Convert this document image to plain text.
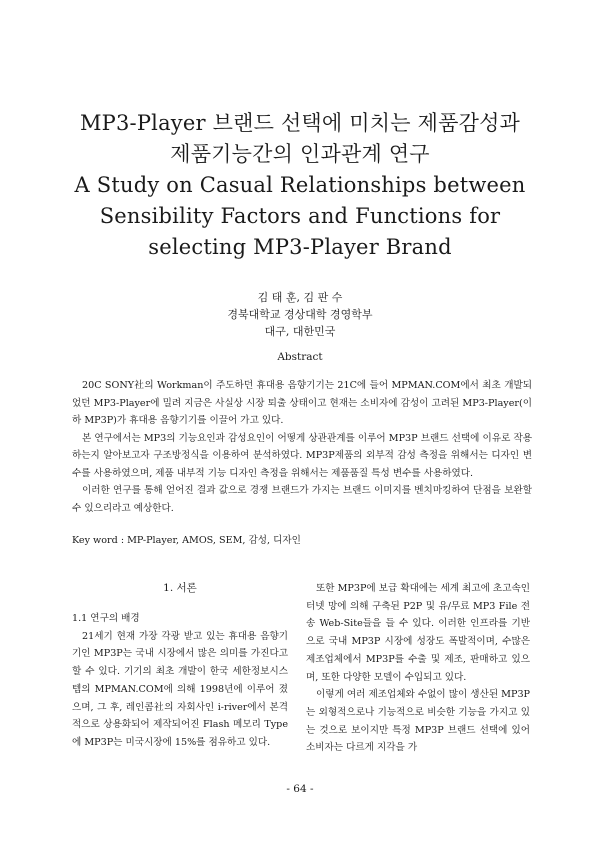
MP3-Player 브랜드 선택에 미치는 제품감성과
제품기능간의 인과관계 연구
A Study on Casual Relationships between
Sensibility Factors and Functions for
selecting MP3-Player Brand
김 태 훈, 김 판 수
경북대학교 경상대학 경영학부
대구, 대한민국
Abstract

20C SONY社의 Workman이 주도하던 휴대용 음향기기는 21C에 들어 MPMAN.COM에서 최초 개발되었던 MP3-Player에 밀려 지금은 사실상 시장 퇴출 상태이고 현재는 소비자에 감성이 고려된 MP3-Player(이하 MP3P)가 휴대용 음향기기를 이끌어 가고 있다.

본 연구에서는 MP3의 기능요인과 감성요인이 어떻게 상관관계를 이루어 MP3P 브랜드 선택에 이유로 작용하는지 알아보고자 구조방정식을 이용하여 분석하였다. MP3P제품의 외부적 감성 측정을 위해서는 디자인 변수를 사용하였으며, 제품 내부적 기능 디자인 측정을 위해서는 제품품질 특성 변수를 사용하였다.

이러한 연구를 통해 얻어진 결과 값으로 경쟁 브랜드가 가지는 브랜드 이미지를 벤치마킹하여 단점을 보완할 수 있으리라고 예상한다.

Key word : MP-Player, AMOS, SEM, 감성, 디자인
1. 서론
1.1 연구의 배경

21세기 현재 가장 각광 받고 있는 휴대용 음향기기인 MP3P는 국내 시장에서 많은 의미를 가진다고 할 수 있다. 기기의 최초 개발이 한국 세한정보시스템의 MPMAN.COM에 의해 1998년에 이루어 졌으며, 그 후, 레인콤社의 자회사인 i-river에서 본격적으로 상용화되어 제작되어진 Flash 메모리 Type에 MP3P는 미국시장에 15%를 점유하고 있다.

또한 MP3P에 보급 확대에는 세계 최고에 초고속인터넷 망에 의해 구축된 P2P 및 유/무료 MP3 File 전송 Web-Site들을 들 수 있다. 이러한 인프라를 기반으로 국내 MP3P 시장에 성장도 폭발적이며, 수많은 제조업체에서 MP3P를 수출 및 제조, 판매하고 있으며, 또한 다양한 모델이 수입되고 있다.

이렇게 여러 제조업체와 수없이 많이 생산된 MP3P는 외형적으로나 기능적으로 비슷한 기능을 가지고 있는 것으로 보이지만 특정 MP3P 브랜드 선택에 있어 소비자는 다르게 지각을 가

- 64 -
